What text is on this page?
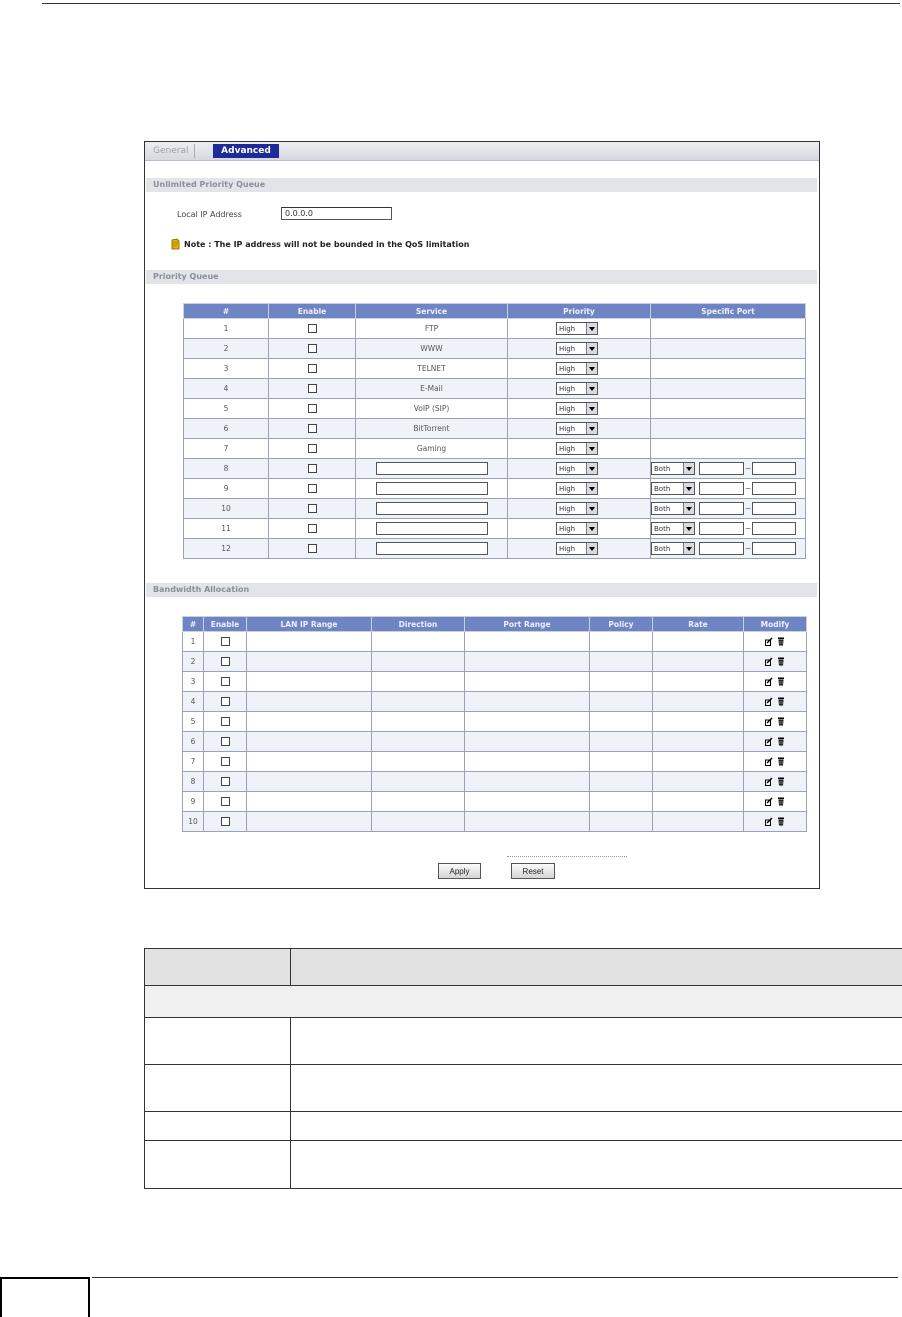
General	Advanced
Unlimited Priority Queue
Local IP Address
0.0.0.0
Note : The IP address will not be bounded in the QoS limitation
Priority Queue
#	Enable	Service	Priority	Specific Port
1		FTP	High

2		WWW	High

3		TELNET	High

4		E-Mail	High

5		VoIP (SIP)	High

6		BitTorrent	High

7		Gaming	High

8			High	Both ~
9			High	Both ~
10			High	Both ~
11			High	Both ~
12			High	Both ~
Bandwidth Allocation
#	Enable	LAN IP Range	Direction	Port Range	Policy	Rate	Modify
1							
2							
3							
4							
5							
6							
7							
8							
9							
10							
Apply	Reset
